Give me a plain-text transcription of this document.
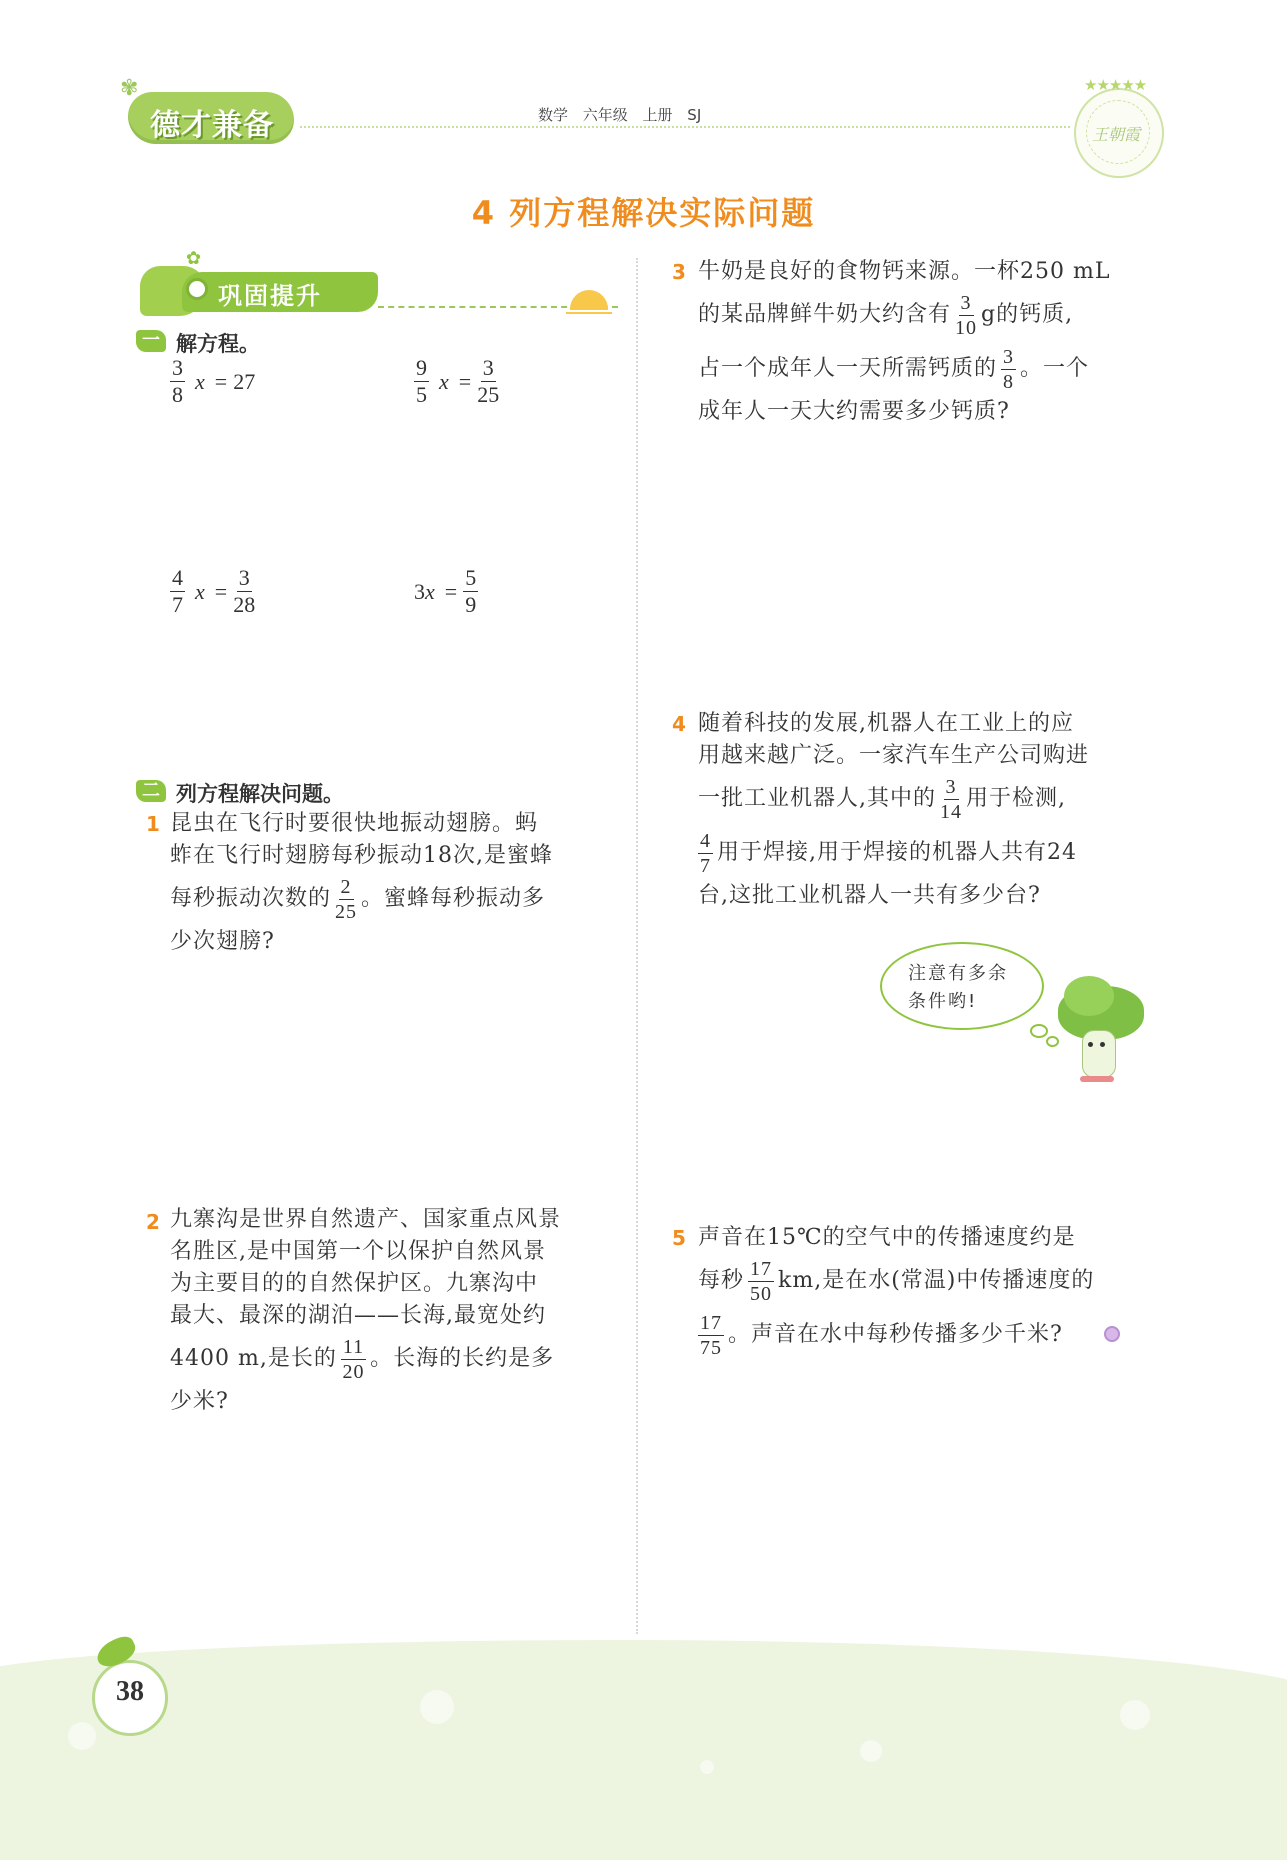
✾
德才兼备	数学 六年级 上册 SJ
★★★★★
王朝霞
4 列方程解决实际问题
✿
巩固提升
一 解方程。
$\frac{3}{8}$ x = 27	$\frac{9}{5}$ $x = \frac{3}{25}$
$\frac{4}{7}$ $x = \frac{3}{28}$	3 $x = \frac{5}{9}$
二 列方程解决问题。
1 昆虫在飞行时要很快地振动翅膀。蚂
蚱在飞行时翅膀每秒振动18次,是蜜蜂
每秒振动次数的 $\frac{2}{25}$ 。蜜蜂每秒振动多
少次翅膀?
2 九寨沟是世界自然遗产、国家重点风景
名胜区,是中国第一个以保护自然风景
为主要目的的自然保护区。九寨沟中
最大、最深的湖泊——长海,最宽处约
4400 m,是长的 $\frac{11}{20}$ 。长海的长约是多
少米?
3 牛奶是良好的食物钙来源。一杯250 mL
的某品牌鲜牛奶大约含有 $\frac{3}{10}$ g的钙质,
占一个成年人一天所需钙质的 $\frac{3}{8}$ 。一个
成年人一天大约需要多少钙质?
4 随着科技的发展,机器人在工业上的应
用越来越广泛。一家汽车生产公司购进
一批工业机器人,其中的 $\frac{3}{14}$ 用于检测,
$\frac{4}{7}$ 用于焊接,用于焊接的机器人共有24
台,这批工业机器人一共有多少台?
注意有多余
条件哟!
5 声音在15℃的空气中的传播速度约是
每秒 $\frac{17}{50}$ km,是在水(常温)中传播速度的
$\frac{17}{75}$ 。声音在水中每秒传播多少千米?
38
